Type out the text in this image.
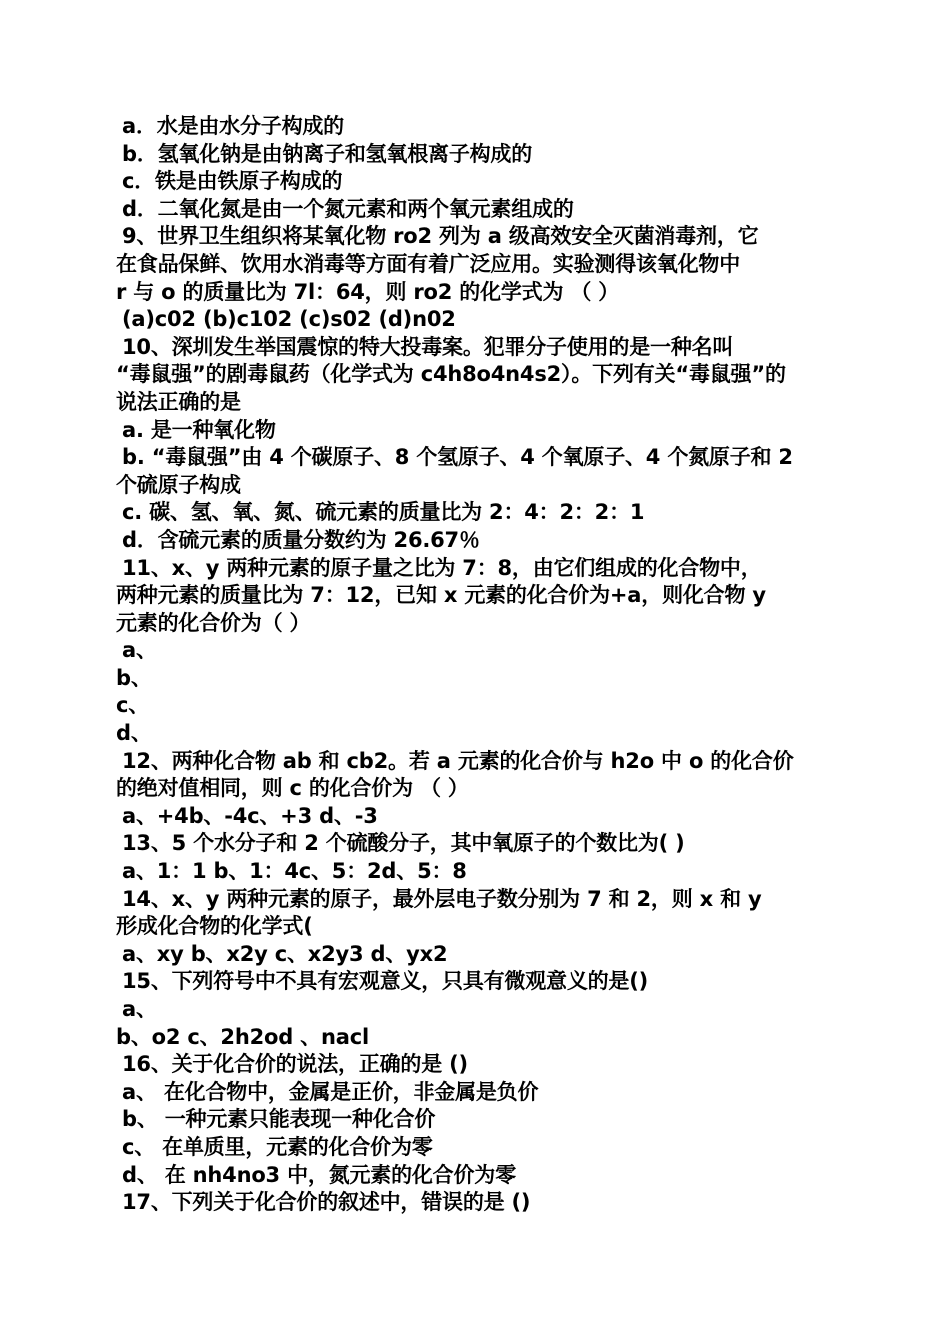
a．水是由水分子构成的
b．氢氧化钠是由钠离子和氢氧根离子构成的
c．铁是由铁原子构成的
d．二氧化氮是由一个氮元素和两个氧元素组成的
9、世界卫生组织将某氧化物 ro2 列为 a 级高效安全灭菌消毒剂，它
在食品保鲜、饮用水消毒等方面有着广泛应用。实验测得该氧化物中
r 与 o 的质量比为 7l：64，则 ro2 的化学式为 （ ）
(a)c02 (b)c102 (c)s02 (d)n02
10、深圳发生举国震惊的特大投毒案。犯罪分子使用的是一种名叫
“毒鼠强”的剧毒鼠药（化学式为 c4h8o4n4s2）。下列有关“毒鼠强”的
说法正确的是
a. 是一种氧化物
b. “毒鼠强”由 4 个碳原子、8 个氢原子、4 个氧原子、4 个氮原子和 2
个硫原子构成
c. 碳、氢、氧、氮、硫元素的质量比为 2：4：2：2：1
d．含硫元素的质量分数约为 26.67％
11、x、y 两种元素的原子量之比为 7：8，由它们组成的化合物中，
两种元素的质量比为 7：12，已知 x 元素的化合价为+a，则化合物 y
元素的化合价为（ ）
a、
b、
c、
d、
12、两种化合物 ab 和 cb2。若 a 元素的化合价与 h2o 中 o 的化合价
的绝对值相同，则 c 的化合价为 （ ）
a、+4b、-4c、+3 d、-3
13、5 个水分子和 2 个硫酸分子，其中氧原子的个数比为( )
a、1：1 b、1：4c、5：2d、5：8
14、x、y 两种元素的原子，最外层电子数分别为 7 和 2，则 x 和 y
形成化合物的化学式(
a、xy b、x2y c、x2y3 d、yx2
15、下列符号中不具有宏观意义，只具有微观意义的是()
a、
b、o2 c、2h2od 、nacl
16、关于化合价的说法，正确的是 ()
a、 在化合物中，金属是正价，非金属是负价
b、 一种元素只能表现一种化合价
c、 在单质里，元素的化合价为零
d、 在 nh4no3 中，氮元素的化合价为零
17、下列关于化合价的叙述中，错误的是 ()
